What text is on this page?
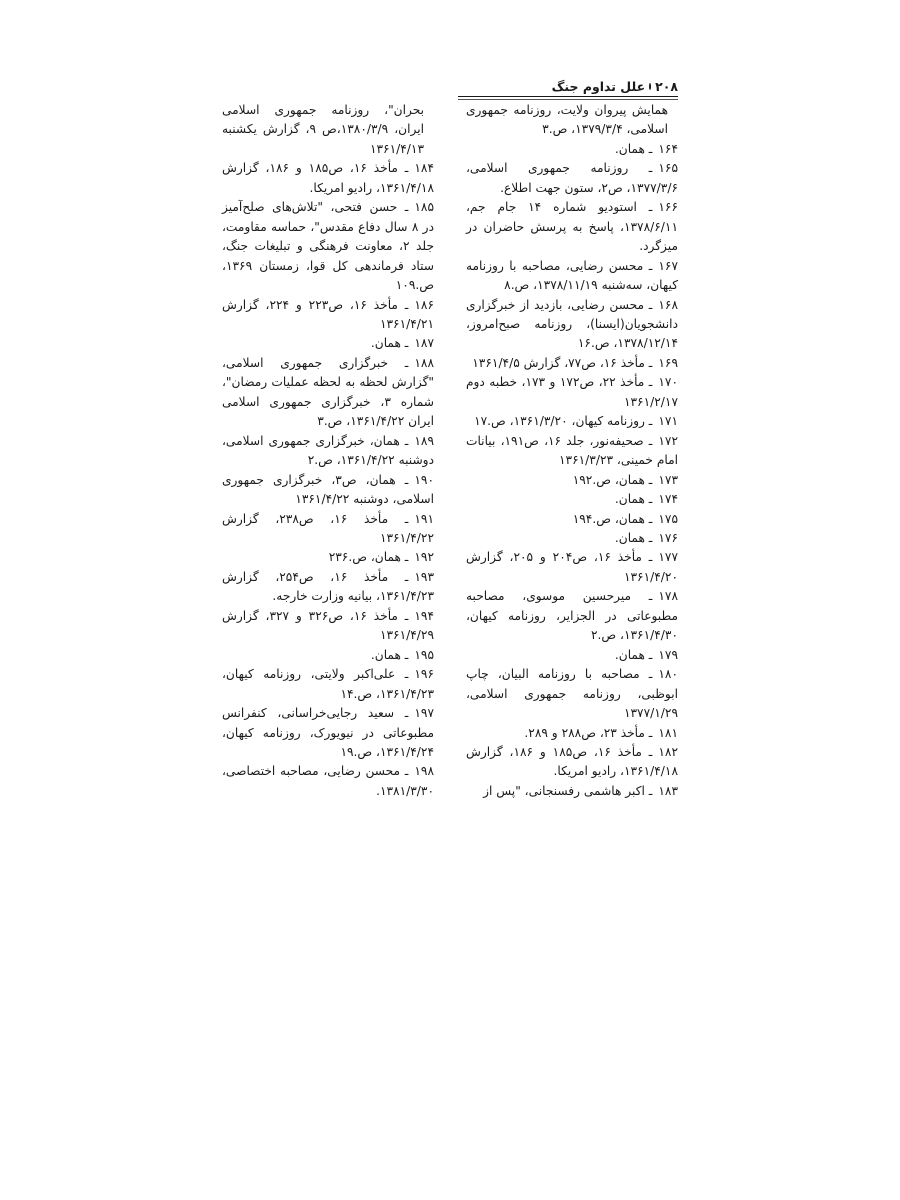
۲۰۸
علل تداوم جنگ

همایش پیروان ولایت، روزنامه جمهوری اسلامی، ۱۳۷۹/۳/۴، ص.۳

۱۶۴ـ همان.

۱۶۵ـ روزنامه جمهوری اسلامی، ۱۳۷۷/۳/۶، ص۲، ستون جهت اطلاع.

۱۶۶ـ استودیو شماره ۱۴ جام جم، ۱۳۷۸/۶/۱۱، پاسخ به پرسش حاضران در میزگرد.

۱۶۷ـ محسن رضایی، مصاحبه با روزنامه کیهان، سه‌شنبه ۱۳۷۸/۱۱/۱۹، ص.۸

۱۶۸ـ محسن رضایی، بازدید از خبرگزاری دانشجویان(ایسنا)، روزنامه صبح‌امروز، ۱۳۷۸/۱۲/۱۴، ص.۱۶

۱۶۹ـ مأخذ ۱۶، ص۷۷، گزارش ۱۳۶۱/۴/۵

۱۷۰ـ مأخذ ۲۲، ص۱۷۲ و ۱۷۳، خطبه دوم ۱۳۶۱/۲/۱۷

۱۷۱ـ روزنامه کیهان، ۱۳۶۱/۳/۲۰، ص.۱۷

۱۷۲ـ صحیفه‌نور، جلد ۱۶، ص۱۹۱، بیانات امام خمینی، ۱۳۶۱/۳/۲۳

۱۷۳ـ همان، ص.۱۹۲

۱۷۴ـ همان.

۱۷۵ـ همان، ص.۱۹۴

۱۷۶ـ همان.

۱۷۷ـ مأخذ ۱۶، ص۲۰۴ و ۲۰۵، گزارش ۱۳۶۱/۴/۲۰

۱۷۸ـ میرحسین موسوی، مصاحبه مطبوعاتی در الجزایر، روزنامه کیهان، ۱۳۶۱/۴/۳۰، ص.۲

۱۷۹ـ همان.

۱۸۰ـ مصاحبه با روزنامه البیان، چاپ ابوظبی، روزنامه جمهوری اسلامی، ۱۳۷۷/۱/۲۹

۱۸۱ـ مأخذ ۲۳، ص۲۸۸ و ۲۸۹.

۱۸۲ـ مأخذ ۱۶، ص۱۸۵ و ۱۸۶، گزارش ۱۳۶۱/۴/۱۸، رادیو امریکا.

۱۸۳ـ اکبر هاشمی رفسنجانی، "پس از

بحران"، روزنامه جمهوری اسلامی ایران، ۱۳۸۰/۳/۹،ص ۹، گزارش یکشنبه ۱۳۶۱/۴/۱۳

۱۸۴ـ مأخذ ۱۶، ص۱۸۵ و ۱۸۶، گزارش ۱۳۶۱/۴/۱۸، رادیو امریکا.

۱۸۵ـ حسن فتحی، "تلاش‌های صلح‌آمیز در ۸ سال دفاع مقدس"، حماسه مقاومت، جلد ۲، معاونت فرهنگی و تبلیغات جنگ، ستاد فرماندهی کل قوا، زمستان ۱۳۶۹، ص.۱۰۹

۱۸۶ـ مأخذ ۱۶، ص۲۲۳ و ۲۲۴، گزارش ۱۳۶۱/۴/۲۱

۱۸۷ـ همان.

۱۸۸ـ خبرگزاری جمهوری اسلامی، "گزارش لحظه به لحظه عملیات رمضان"، شماره ۳، خبرگزاری جمهوری اسلامی ایران ۱۳۶۱/۴/۲۲، ص.۳

۱۸۹ـ همان، خبرگزاری جمهوری اسلامی، دوشنبه ۱۳۶۱/۴/۲۲، ص.۲

۱۹۰ـ همان، ص۳، خبرگزاری جمهوری اسلامی، دوشنبه ۱۳۶۱/۴/۲۲

۱۹۱ـ مأخذ ۱۶، ص۲۳۸، گزارش ۱۳۶۱/۴/۲۲

۱۹۲ـ همان، ص.۲۳۶

۱۹۳ـ مأخذ ۱۶، ص۲۵۴، گزارش ۱۳۶۱/۴/۲۳، بیانیه وزارت خارجه.

۱۹۴ـ مأخذ ۱۶، ص۳۲۶ و ۳۲۷، گزارش ۱۳۶۱/۴/۲۹

۱۹۵ـ همان.

۱۹۶ـ علی‌اکبر ولایتی، روزنامه کیهان، ۱۳۶۱/۴/۲۳، ص.۱۴

۱۹۷ـ سعید رجایی‌خراسانی، کنفرانس مطبوعاتی در نیویورک، روزنامه کیهان، ۱۳۶۱/۴/۲۴، ص.۱۹

۱۹۸ـ محسن رضایی، مصاحبه اختصاصی، ۱۳۸۱/۳/۳۰.
